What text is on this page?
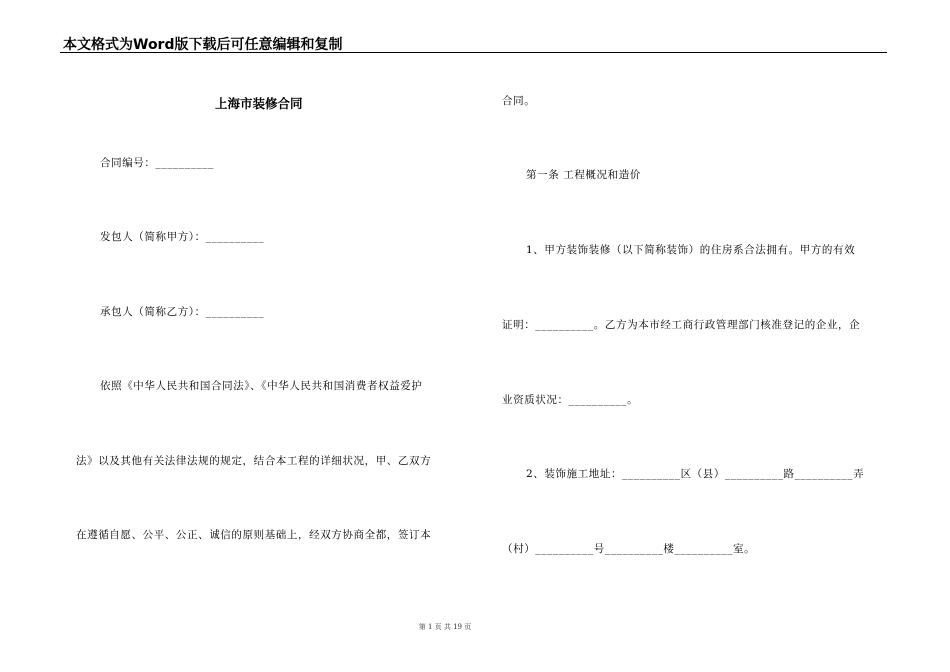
本文格式为Word版下载后可任意编辑和复制
上海市装修合同
合同编号：__________
发包人（简称甲方）：__________
承包人（简称乙方）：__________
依照《中华人民共和国合同法》、《中华人民共和国消费者权益爱护
法》以及其他有关法律法规的规定，结合本工程的详细状况，甲、乙双方
在遵循自愿、公平、公正、诚信的原则基础上，经双方协商全都，签订本
合同。
第一条 工程概况和造价
1、甲方装饰装修（以下简称装饰）的住房系合法拥有。甲方的有效
证明：__________。乙方为本市经工商行政管理部门核准登记的企业，企
业资质状况：__________。
2、装饰施工地址：__________区（县）__________路__________弄
（村）__________号__________楼__________室。
第 1 页 共 19 页
